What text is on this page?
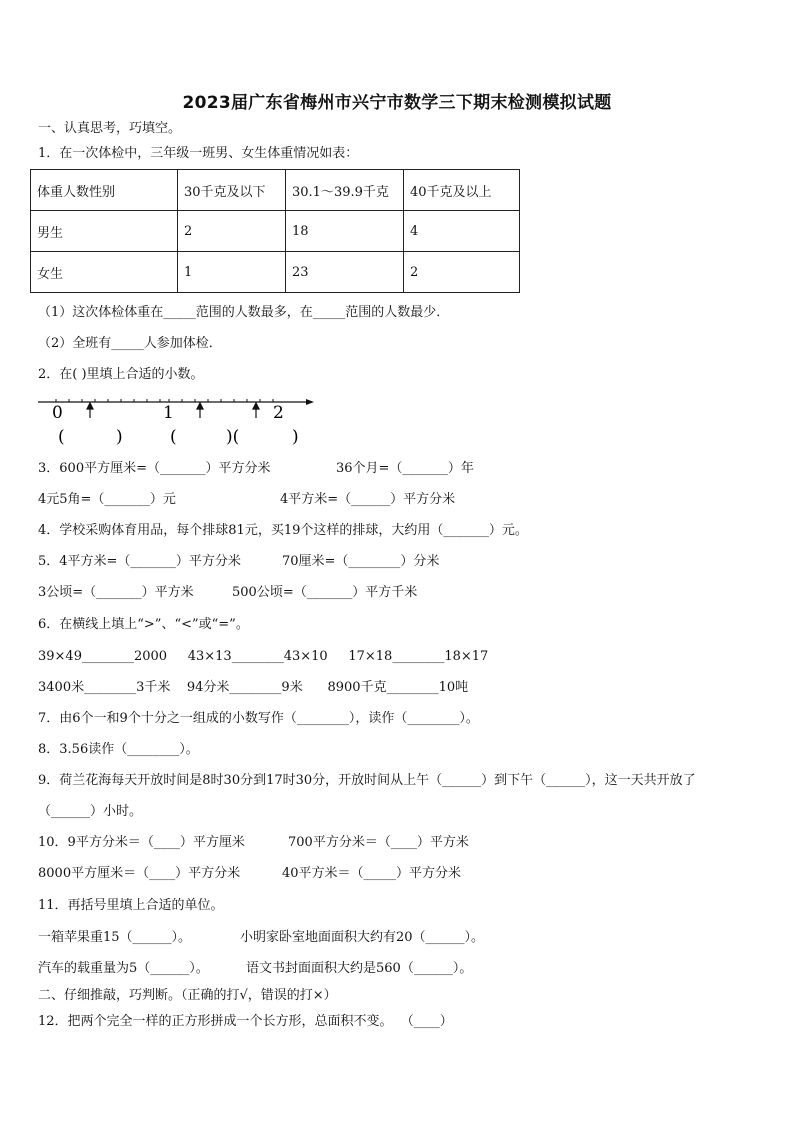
2023届广东省梅州市兴宁市数学三下期末检测模拟试题
一、认真思考，巧填空。
1．在一次体检中，三年级一班男、女生体重情况如表：
体重人数性别	30千克及以下	30.1～39.9千克	40千克及以上
男生	2	18	4
女生	1	23	2
（1）这次体检体重在_____范围的人数最多，在_____范围的人数最少．
（2）全班有_____人参加体检．
2．在( )里填上合适的小数。
0	1	2
(	)	(	)(	)
3．600平方厘米=（_______）平方分米	36个月=（_______）年
4元5角=（_______）元	4平方米=（______）平方分米
4．学校采购体育用品，每个排球81元，买19个这样的排球，大约用（_______）元。
5．4平方米=（_______）平方分米	70厘米=（________）分米
3公顷=（_______）平方米	500公顷=（_______）平方千米
6．在横线上填上“>”、“<”或“=”。
39×49________2000     43×13________43×10     17×18________18×17
3400米________3千米    94分米________9米      8900千克________10吨
7．由6个一和9个十分之一组成的小数写作（________），读作（________）。
8．3.56读作（________）。
9．荷兰花海每天开放时间是8时30分到17时30分，开放时间从上午（______）到下午（______），这一天共开放了
（______）小时。
10．9平方分米＝（____）平方厘米	700平方分米＝（____）平方米
8000平方厘米＝（____）平方分米	40平方米＝（_____）平方分米
11．再括号里填上合适的单位。
一箱苹果重15（______）。	小明家卧室地面面积大约有20（______）。
汽车的载重量为5（______）。	语文书封面面积大约是560（______）。
二、仔细推敲，巧判断。（正确的打√，错误的打×）
12．把两个完全一样的正方形拼成一个长方形，总面积不变。  （____）
